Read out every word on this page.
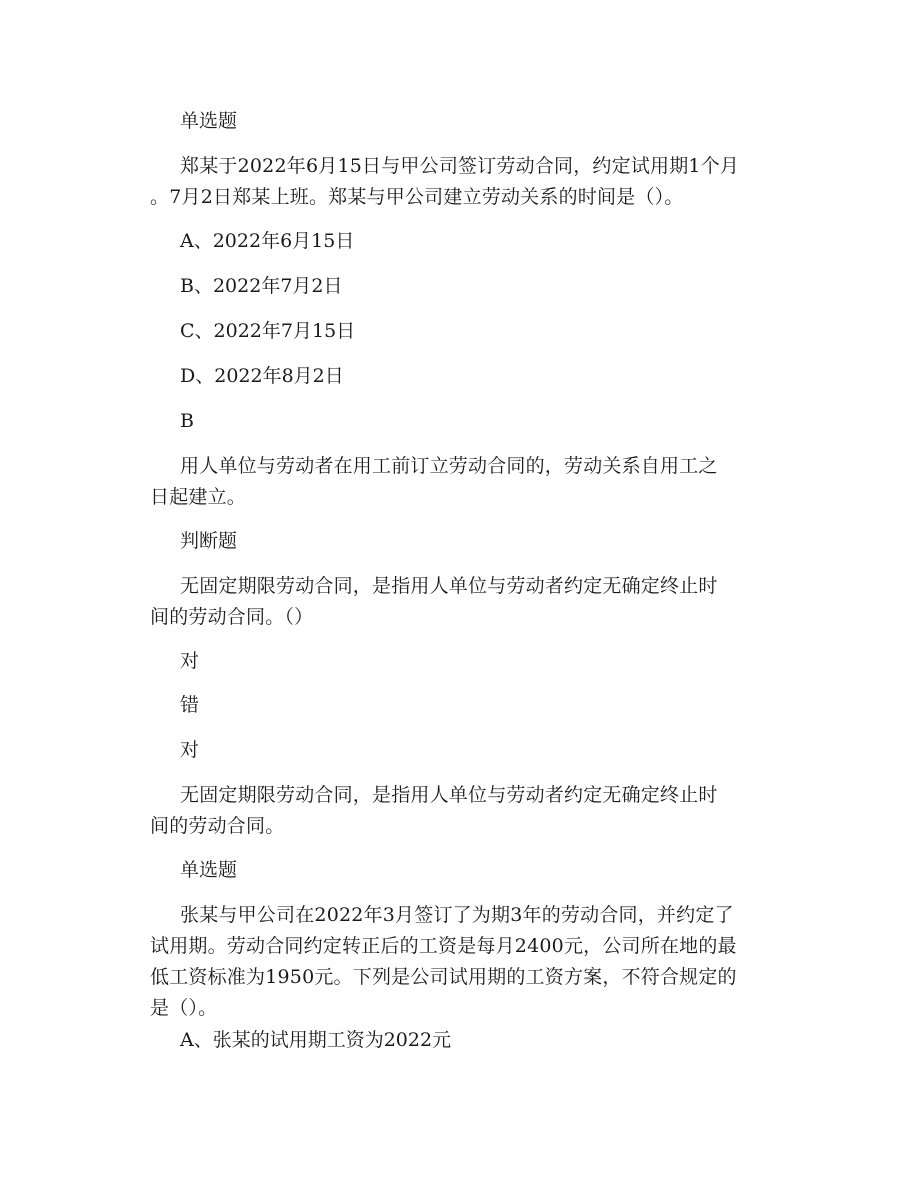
单选题

郑某于2022年6月15日与甲公司签订劳动合同，约定试用期1个月
。7月2日郑某上班。郑某与甲公司建立劳动关系的时间是（）。

A、2022年6月15日

B、2022年7月2日

C、2022年7月15日

D、2022年8月2日

B

用人单位与劳动者在用工前订立劳动合同的，劳动关系自用工之
日起建立。

判断题

无固定期限劳动合同，是指用人单位与劳动者约定无确定终止时
间的劳动合同。（）

对

错

对

无固定期限劳动合同，是指用人单位与劳动者约定无确定终止时
间的劳动合同。

单选题

张某与甲公司在2022年3月签订了为期3年的劳动合同，并约定了
试用期。劳动合同约定转正后的工资是每月2400元，公司所在地的最
低工资标准为1950元。下列是公司试用期的工资方案，不符合规定的
是（）。

A、张某的试用期工资为2022元
